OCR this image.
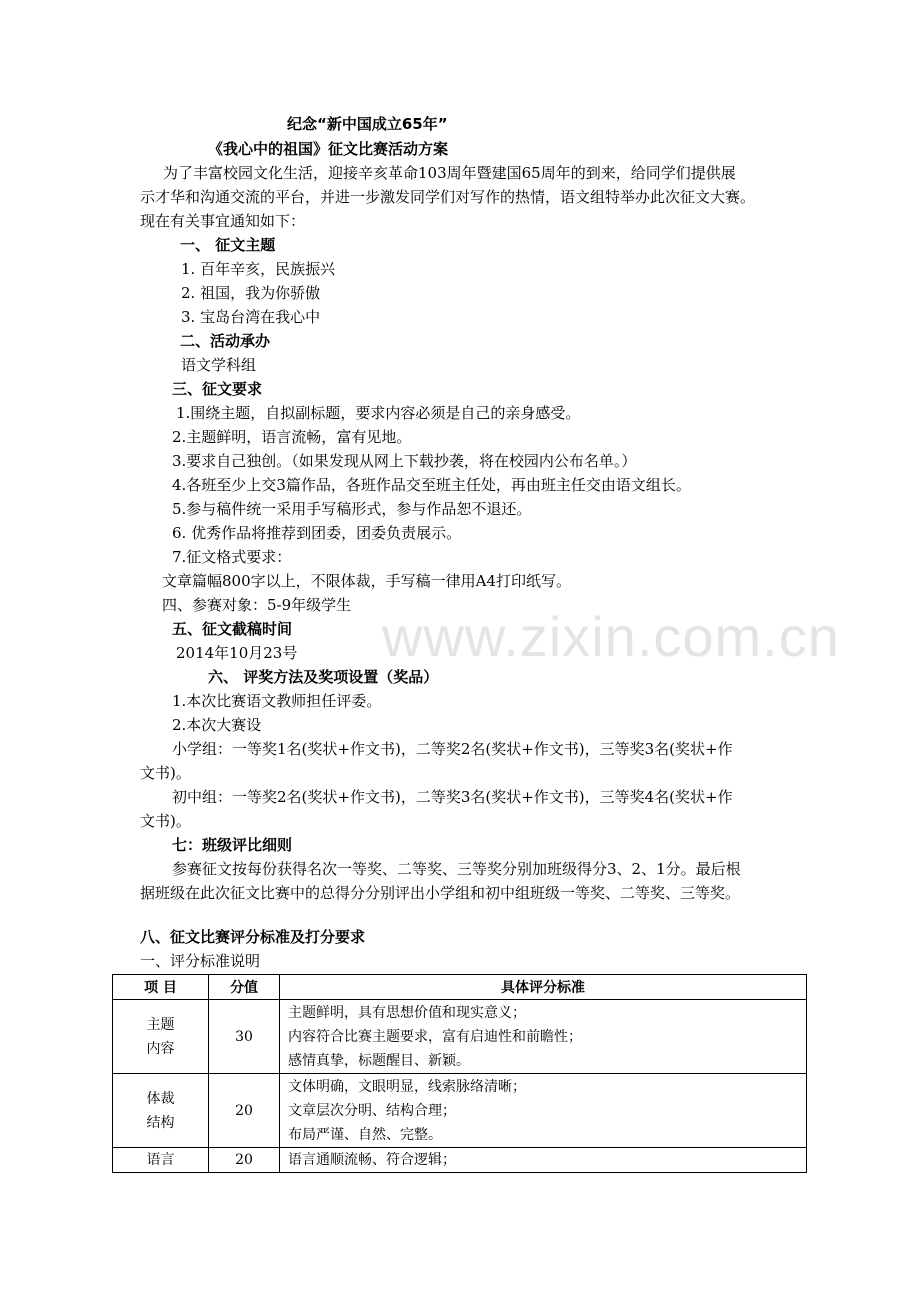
www.zixin.com.cn
纪念“新中国成立65年”
《我心中的祖国》征文比赛活动方案
为了丰富校园文化生活，迎接辛亥革命103周年暨建国65周年的到来，给同学们提供展
示才华和沟通交流的平台，并进一步激发同学们对写作的热情，语文组特举办此次征文大赛。
现在有关事宜通知如下：
一、 征文主题
1. 百年辛亥，民族振兴
2. 祖国，我为你骄傲
3. 宝岛台湾在我心中
二、活动承办
语文学科组
三、征文要求
1.围绕主题，自拟副标题，要求内容必须是自己的亲身感受。
2.主题鲜明，语言流畅，富有见地。
3.要求自己独创。（如果发现从网上下载抄袭，将在校园内公布名单。）
4.各班至少上交3篇作品，各班作品交至班主任处，再由班主任交由语文组长。
5.参与稿件统一采用手写稿形式，参与作品恕不退还。
6. 优秀作品将推荐到团委，团委负责展示。
7.征文格式要求：
文章篇幅800字以上，不限体裁，手写稿一律用A4打印纸写。
四、参赛对象：5-9年级学生
五、征文截稿时间
2014年10月23号
六、 评奖方法及奖项设置（奖品）
1.本次比赛语文教师担任评委。
2.本次大赛设
小学组：一等奖1名(奖状+作文书)，二等奖2名(奖状+作文书)，三等奖3名(奖状+作
文书)。
初中组：一等奖2名(奖状+作文书)，二等奖3名(奖状+作文书)，三等奖4名(奖状+作
文书)。
七：班级评比细则
参赛征文按每份获得名次一等奖、二等奖、三等奖分别加班级得分3、2、1分。最后根
据班级在此次征文比赛中的总得分分别评出小学组和初中组班级一等奖、二等奖、三等奖。
八、征文比赛评分标准及打分要求
一、评分标准说明
项 目	分值	具体评分标准

主题
内容	30	主题鲜明，具有思想价值和现实意义；
内容符合比赛主题要求，富有启迪性和前瞻性；
感情真挚，标题醒目、新颖。

体裁
结构	20	文体明确，文眼明显，线索脉络清晰；
文章层次分明、结构合理；
布局严谨、自然、完整。

语言	20	语言通顺流畅、符合逻辑；
